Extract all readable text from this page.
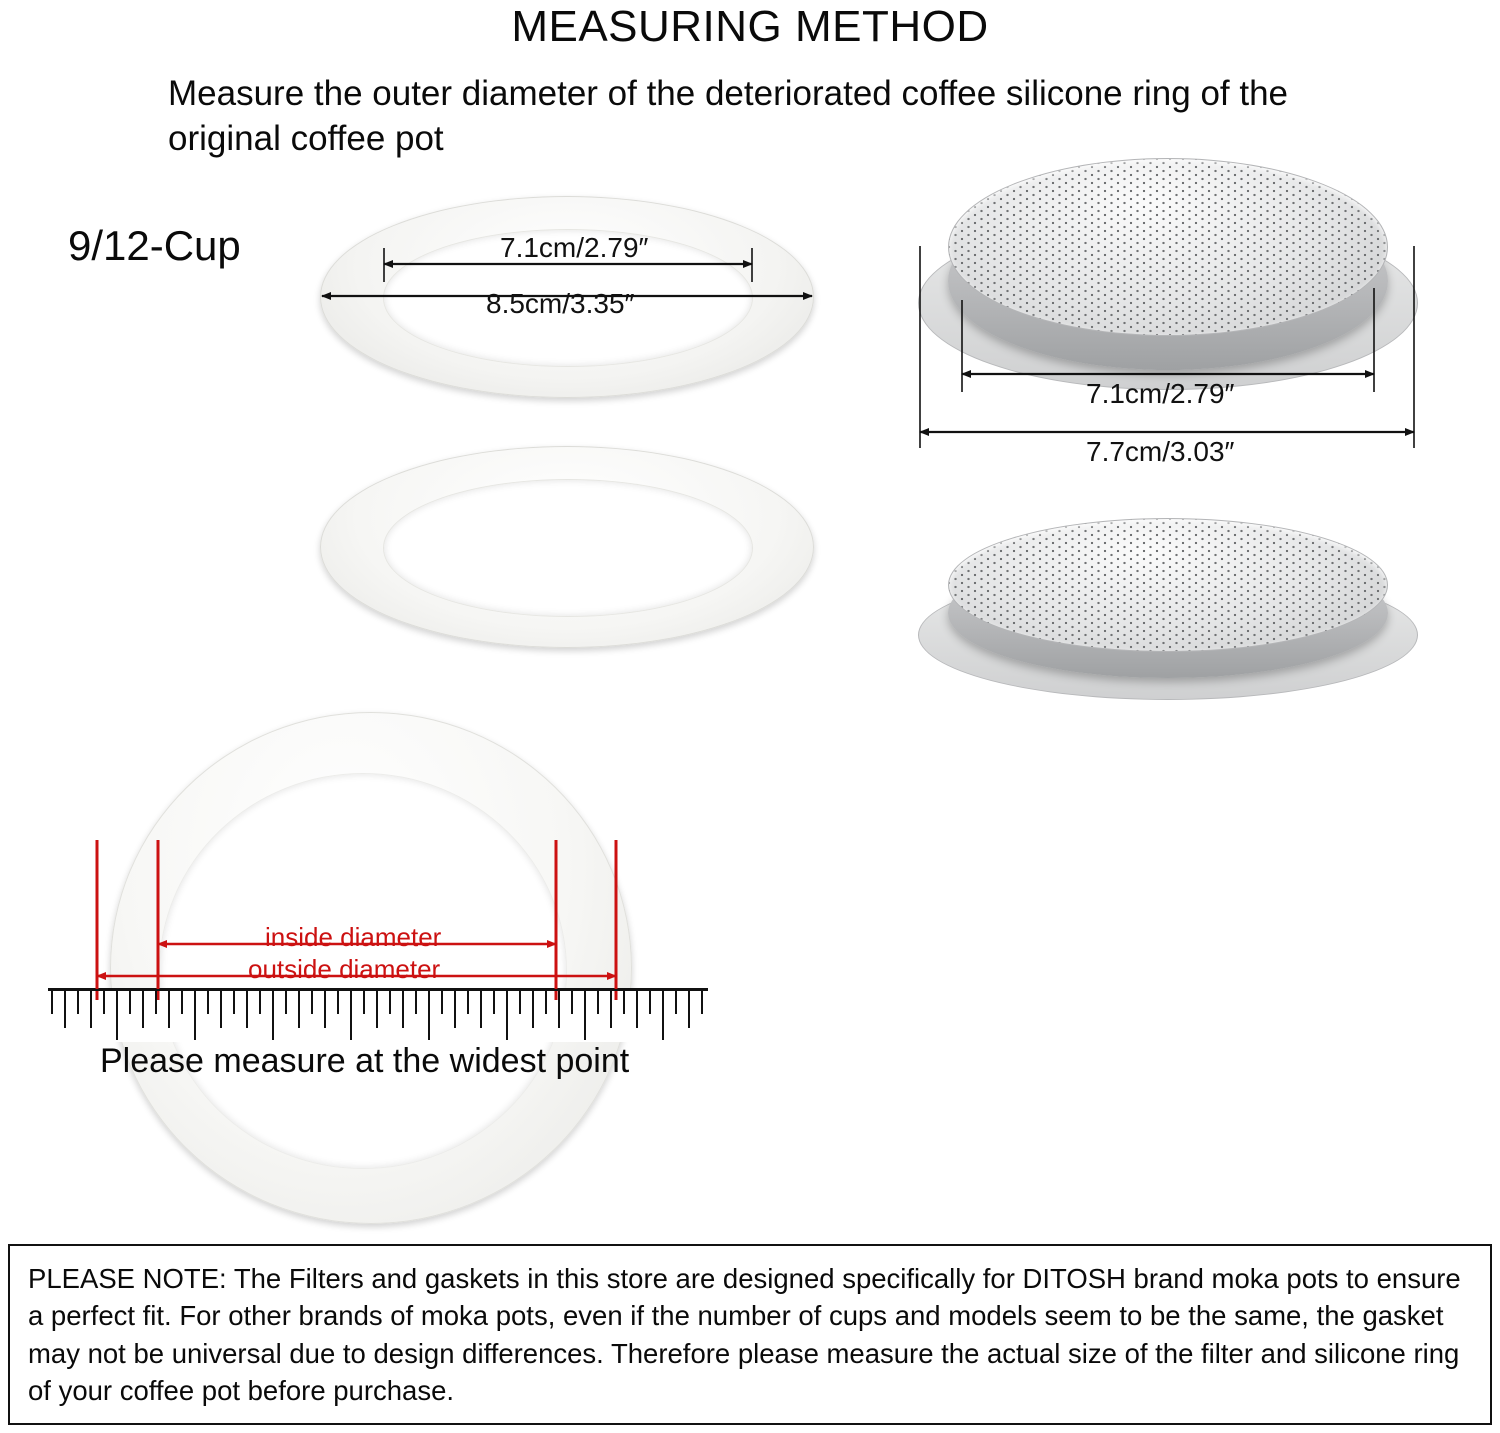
MEASURING METHOD
Measure the outer diameter of the deteriorated coffee silicone ring of the original coffee pot
9/12-Cup	7.1cm/2.79″
8.5cm/3.35″
7.1cm/2.79″
7.7cm/3.03″
inside diameter
outside diameter
Please measure at the widest point
PLEASE NOTE: The Filters and gaskets in this store are designed specifically for DITOSH brand moka pots to ensure a perfect fit. For other brands of moka pots, even if the number of cups and models seem to be the same, the gasket may not be universal due to design differences. Therefore please measure the actual size of the filter and silicone ring of your coffee pot before purchase.
